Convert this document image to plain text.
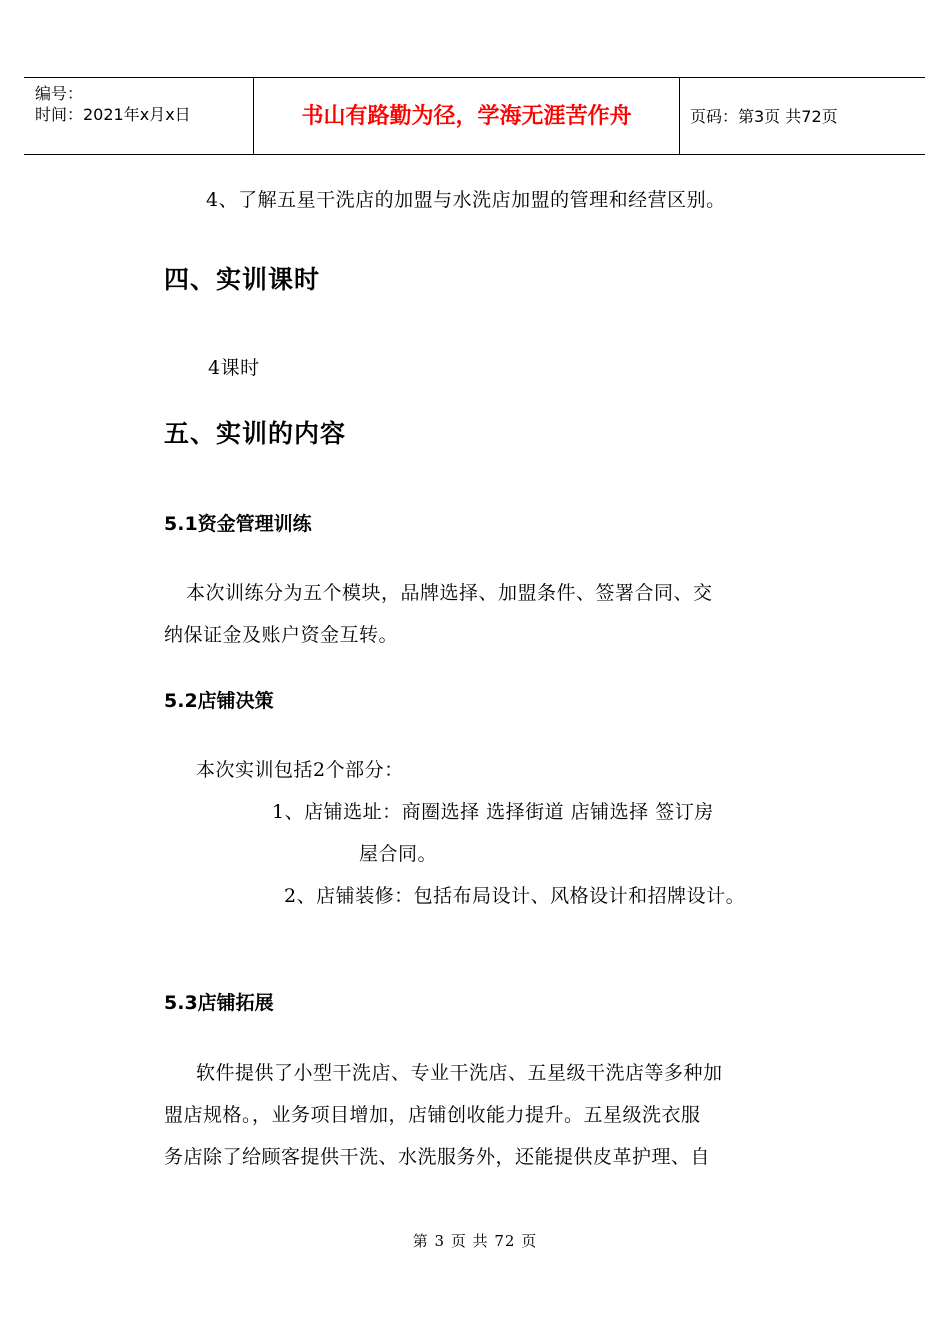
编号：
时间：2021年x月x日	书山有路勤为径，学海无涯苦作舟	页码：第3页 共72页
4、了解五星干洗店的加盟与水洗店加盟的管理和经营区别。
四、实训课时
4课时
五、实训的内容
5.1资金管理训练
本次训练分为五个模块，品牌选择、加盟条件、签署合同、交
纳保证金及账户资金互转。
5.2店铺决策
本次实训包括2个部分：
1、店铺选址：商圈选择 选择街道 店铺选择 签订房
屋合同。
2、店铺装修：包括布局设计、风格设计和招牌设计。
5.3店铺拓展
软件提供了小型干洗店、专业干洗店、五星级干洗店等多种加
盟店规格。，业务项目增加，店铺创收能力提升。五星级洗衣服
务店除了给顾客提供干洗、水洗服务外，还能提供皮革护理、自
第 3 页 共 72 页
